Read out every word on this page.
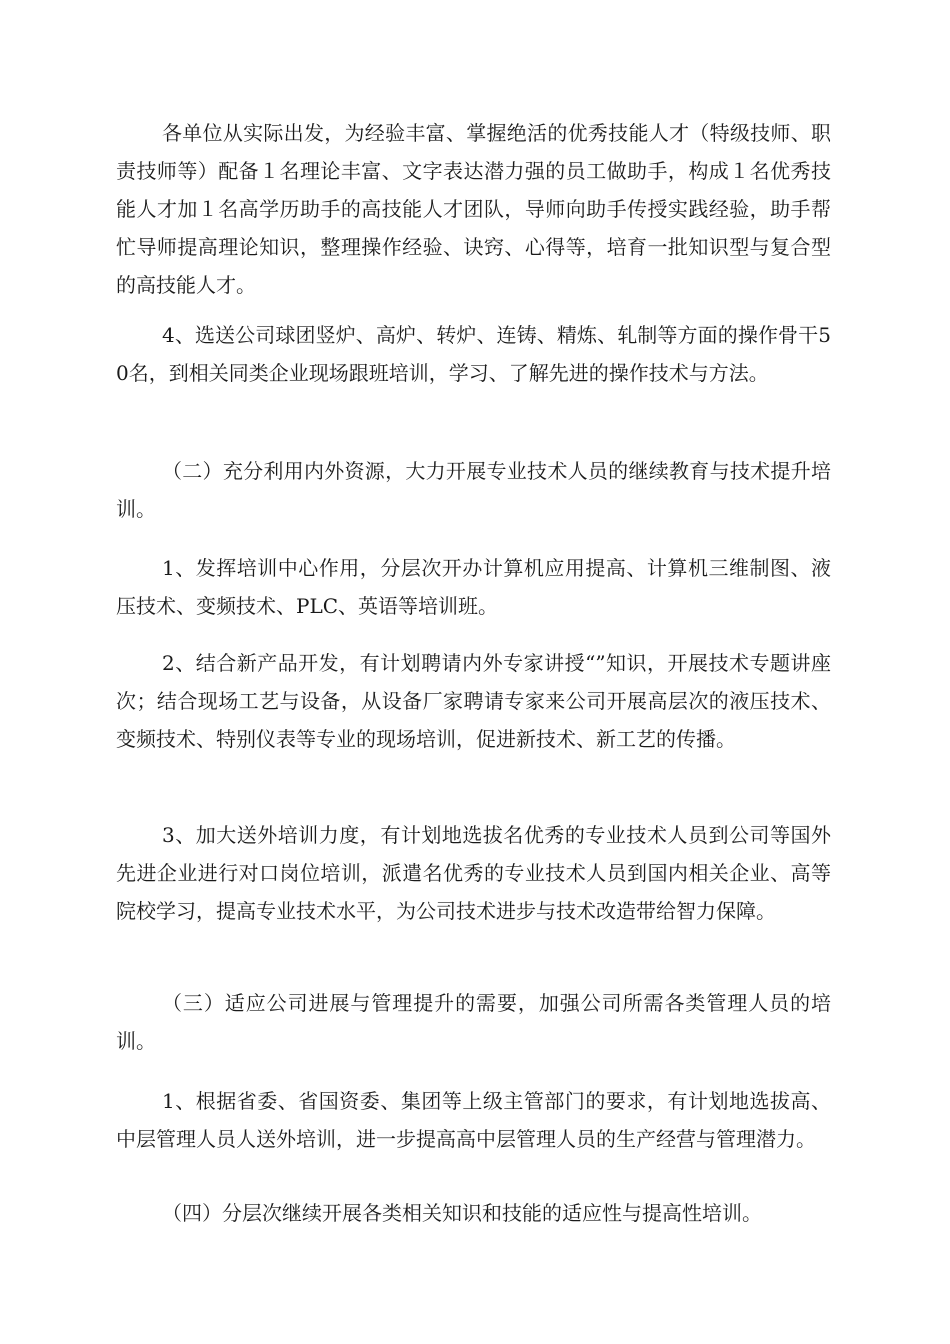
各单位从实际出发，为经验丰富、掌握绝活的优秀技能人才（特级技师、职责技师等）配备１名理论丰富、文字表达潜力强的员工做助手，构成１名优秀技能人才加１名高学历助手的高技能人才团队，导师向助手传授实践经验，助手帮忙导师提高理论知识，整理操作经验、诀窍、心得等，培育一批知识型与复合型的高技能人才。

4、选送公司球团竖炉、高炉、转炉、连铸、精炼、轧制等方面的操作骨干50名，到相关同类企业现场跟班培训，学习、了解先进的操作技术与方法。

（二）充分利用内外资源，大力开展专业技术人员的继续教育与技术提升培训。

1、发挥培训中心作用，分层次开办计算机应用提高、计算机三维制图、液压技术、变频技术、PLC、英语等培训班。

2、结合新产品开发，有计划聘请内外专家讲授“”知识，开展技术专题讲座次；结合现场工艺与设备，从设备厂家聘请专家来公司开展高层次的液压技术、变频技术、特别仪表等专业的现场培训，促进新技术、新工艺的传播。

3、加大送外培训力度，有计划地选拔名优秀的专业技术人员到公司等国外先进企业进行对口岗位培训，派遣名优秀的专业技术人员到国内相关企业、高等院校学习，提高专业技术水平，为公司技术进步与技术改造带给智力保障。

（三）适应公司进展与管理提升的需要，加强公司所需各类管理人员的培训。

1、根据省委、省国资委、集团等上级主管部门的要求，有计划地选拔高、中层管理人员人送外培训，进一步提高高中层管理人员的生产经营与管理潜力。

（四）分层次继续开展各类相关知识和技能的适应性与提高性培训。
